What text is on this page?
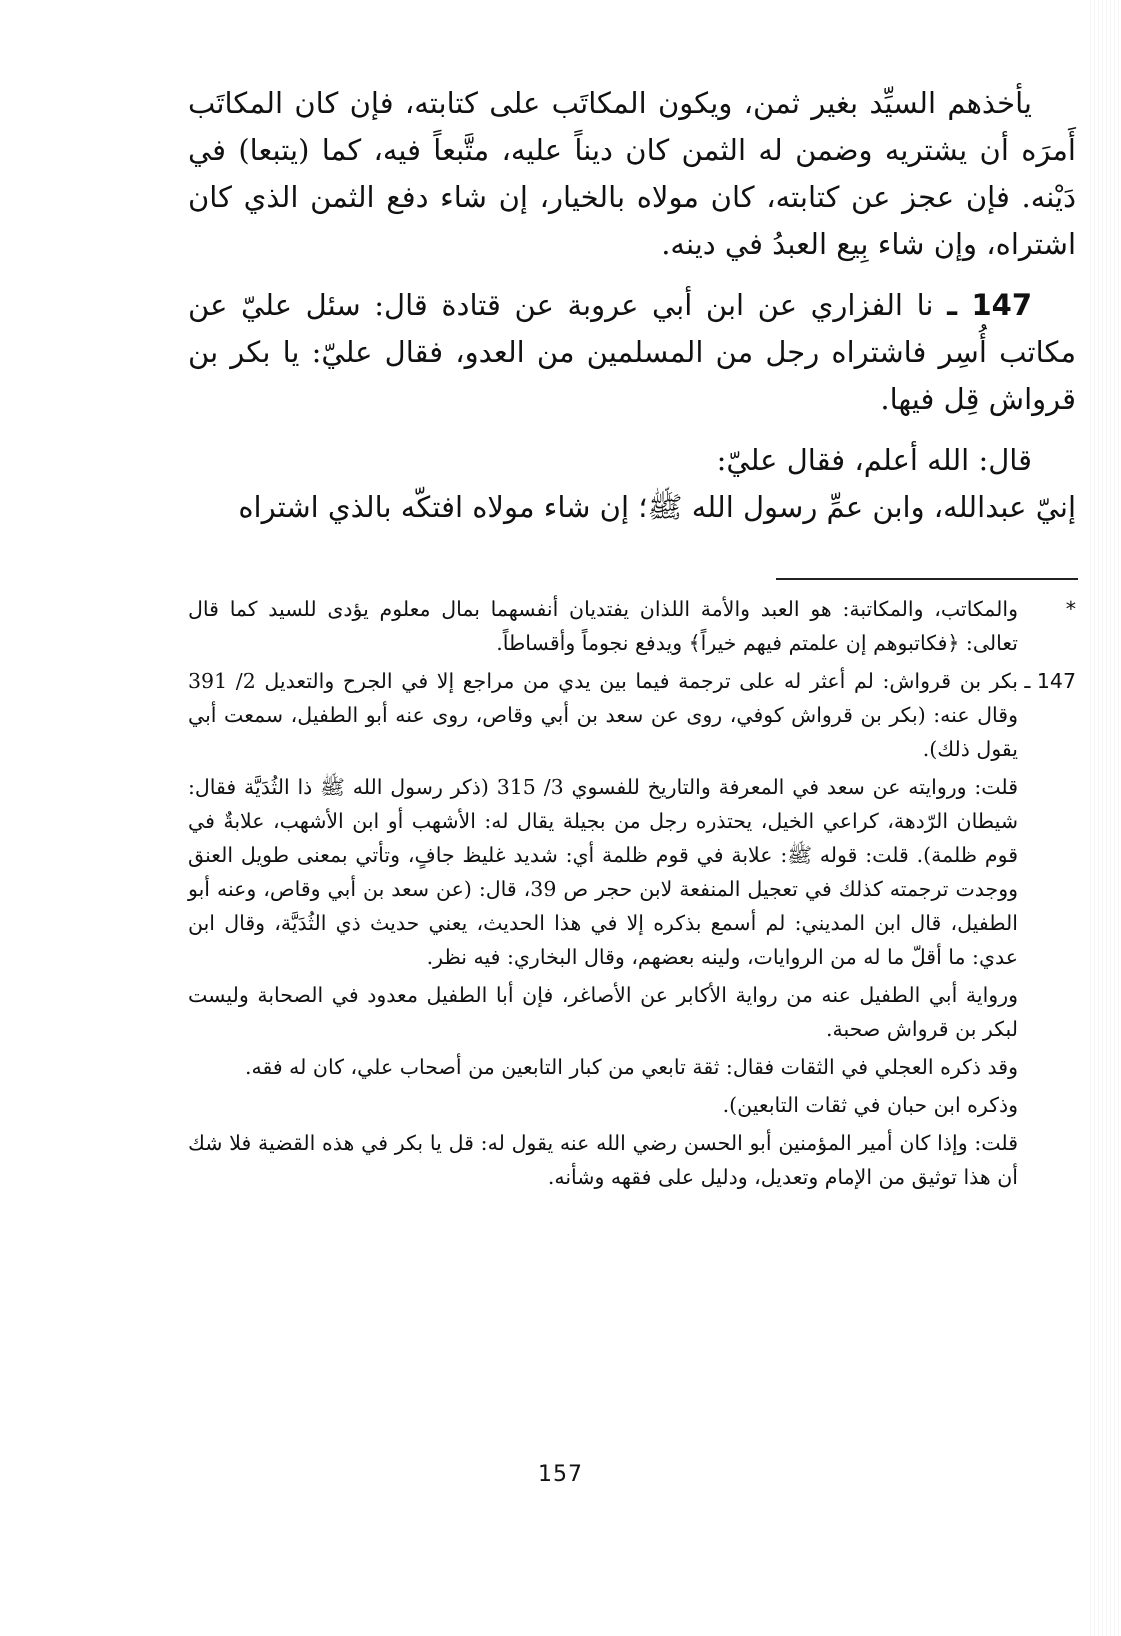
يأخذهم السيِّد بغير ثمن، ويكون المكاتَب على كتابته، فإن كان المكاتَب أَمرَه أن يشتريه وضمن له الثمن كان ديناً عليه، متَّبعاً فيه، كما (يتبعا) في دَيْنه. فإن عجز عن كتابته، كان مولاه بالخيار، إن شاء دفع الثمن الذي كان اشتراه، وإن شاء بِيع العبدُ في دينه.

147 ـ نا الفزاري عن ابن أبي عروبة عن قتادة قال: سئل عليّ عن مكاتب أُسِر فاشتراه رجل من المسلمين من العدو، فقال عليّ: يا بكر بن قرواش قِل فيها.

قال: الله أعلم، فقال عليّ:

إنيّ عبدالله، وابن عمِّ رسول الله ﷺ؛ إن شاء مولاه افتكّه بالذي اشتراه

*

والمكاتب، والمكاتبة: هو العبد والأمة اللذان يفتديان أنفسهما بمال معلوم يؤدى للسيد كما قال تعالى: ﴿فكاتبوهم إن علمتم فيهم خيراً﴾ ويدفع نجوماً وأقساطاً.

147 ـ

بكر بن قرواش: لم أعثر له على ترجمة فيما بين يدي من مراجع إلا في الجرح والتعديل 2/ 391 وقال عنه: (بكر بن قرواش كوفي، روى عن سعد بن أبي وقاص، روى عنه أبو الطفيل، سمعت أبي يقول ذلك).

قلت: وروايته عن سعد في المعرفة والتاريخ للفسوي 3/ 315 (ذكر رسول الله ﷺ ذا الثُدَيَّة فقال: شيطان الرّدهة، كراعي الخيل، يحتذره رجل من بجيلة يقال له: الأشهب أو ابن الأشهب، علابةٌ في قوم ظلمة). قلت: قوله ﷺ: علابة في قوم ظلمة أي: شديد غليظ جافٍ، وتأتي بمعنى طويل العنق ووجدت ترجمته كذلك في تعجيل المنفعة لابن حجر ص 39، قال: (عن سعد بن أبي وقاص، وعنه أبو الطفيل، قال ابن المديني: لم أسمع بذكره إلا في هذا الحديث، يعني حديث ذي الثُدَيَّة، وقال ابن عدي: ما أقلّ ما له من الروايات، ولينه بعضهم، وقال البخاري: فيه نظر.

ورواية أبي الطفيل عنه من رواية الأكابر عن الأصاغر، فإن أبا الطفيل معدود في الصحابة وليست لبكر بن قرواش صحبة.

وقد ذكره العجلي في الثقات فقال: ثقة تابعي من كبار التابعين من أصحاب علي، كان له فقه.

وذكره ابن حبان في ثقات التابعين).

قلت: وإذا كان أمير المؤمنين أبو الحسن رضي الله عنه يقول له: قل يا بكر في هذه القضية فلا شك أن هذا توثيق من الإمام وتعديل، ودليل على فقهه وشأنه.

157
